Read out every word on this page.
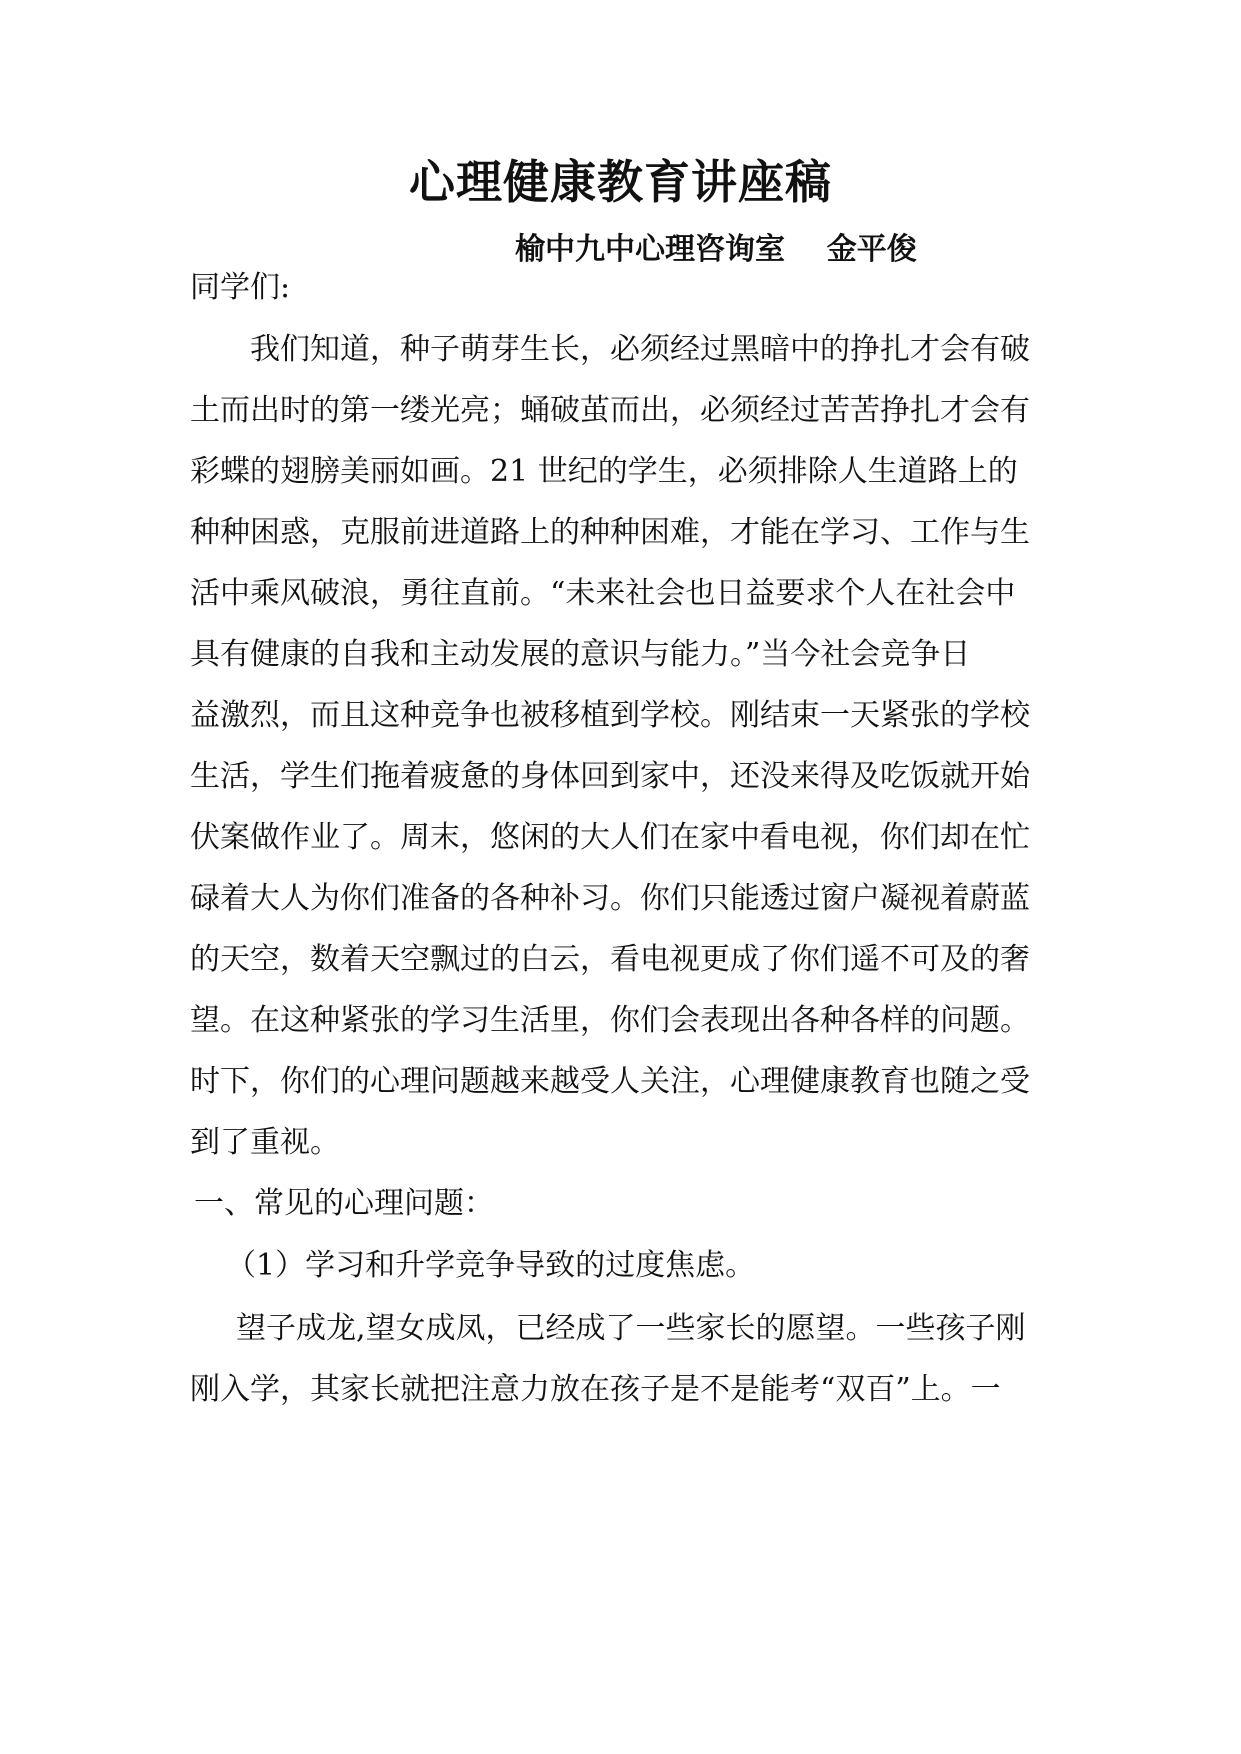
心理健康教育讲座稿
榆中九中心理咨询室    金平俊
同学们:
我们知道，种子萌芽生长，必须经过黑暗中的挣扎才会有破
土而出时的第一缕光亮；蛹破茧而出，必须经过苦苦挣扎才会有
彩蝶的翅膀美丽如画。21 世纪的学生，必须排除人生道路上的
种种困惑，克服前进道路上的种种困难，才能在学习、工作与生
活中乘风破浪，勇往直前。“未来社会也日益要求个人在社会中
具有健康的自我和主动发展的意识与能力。”当今社会竞争日
益激烈，而且这种竞争也被移植到学校。刚结束一天紧张的学校
生活，学生们拖着疲惫的身体回到家中，还没来得及吃饭就开始
伏案做作业了。周末，悠闲的大人们在家中看电视，你们却在忙
碌着大人为你们准备的各种补习。你们只能透过窗户凝视着蔚蓝
的天空，数着天空飘过的白云，看电视更成了你们遥不可及的奢
望。在这种紧张的学习生活里，你们会表现出各种各样的问题。
时下，你们的心理问题越来越受人关注，心理健康教育也随之受
到了重视。
一、常见的心理问题：
（1）学习和升学竞争导致的过度焦虑。
望子成龙,望女成凤，已经成了一些家长的愿望。一些孩子刚
刚入学，其家长就把注意力放在孩子是不是能考“双百”上。一
